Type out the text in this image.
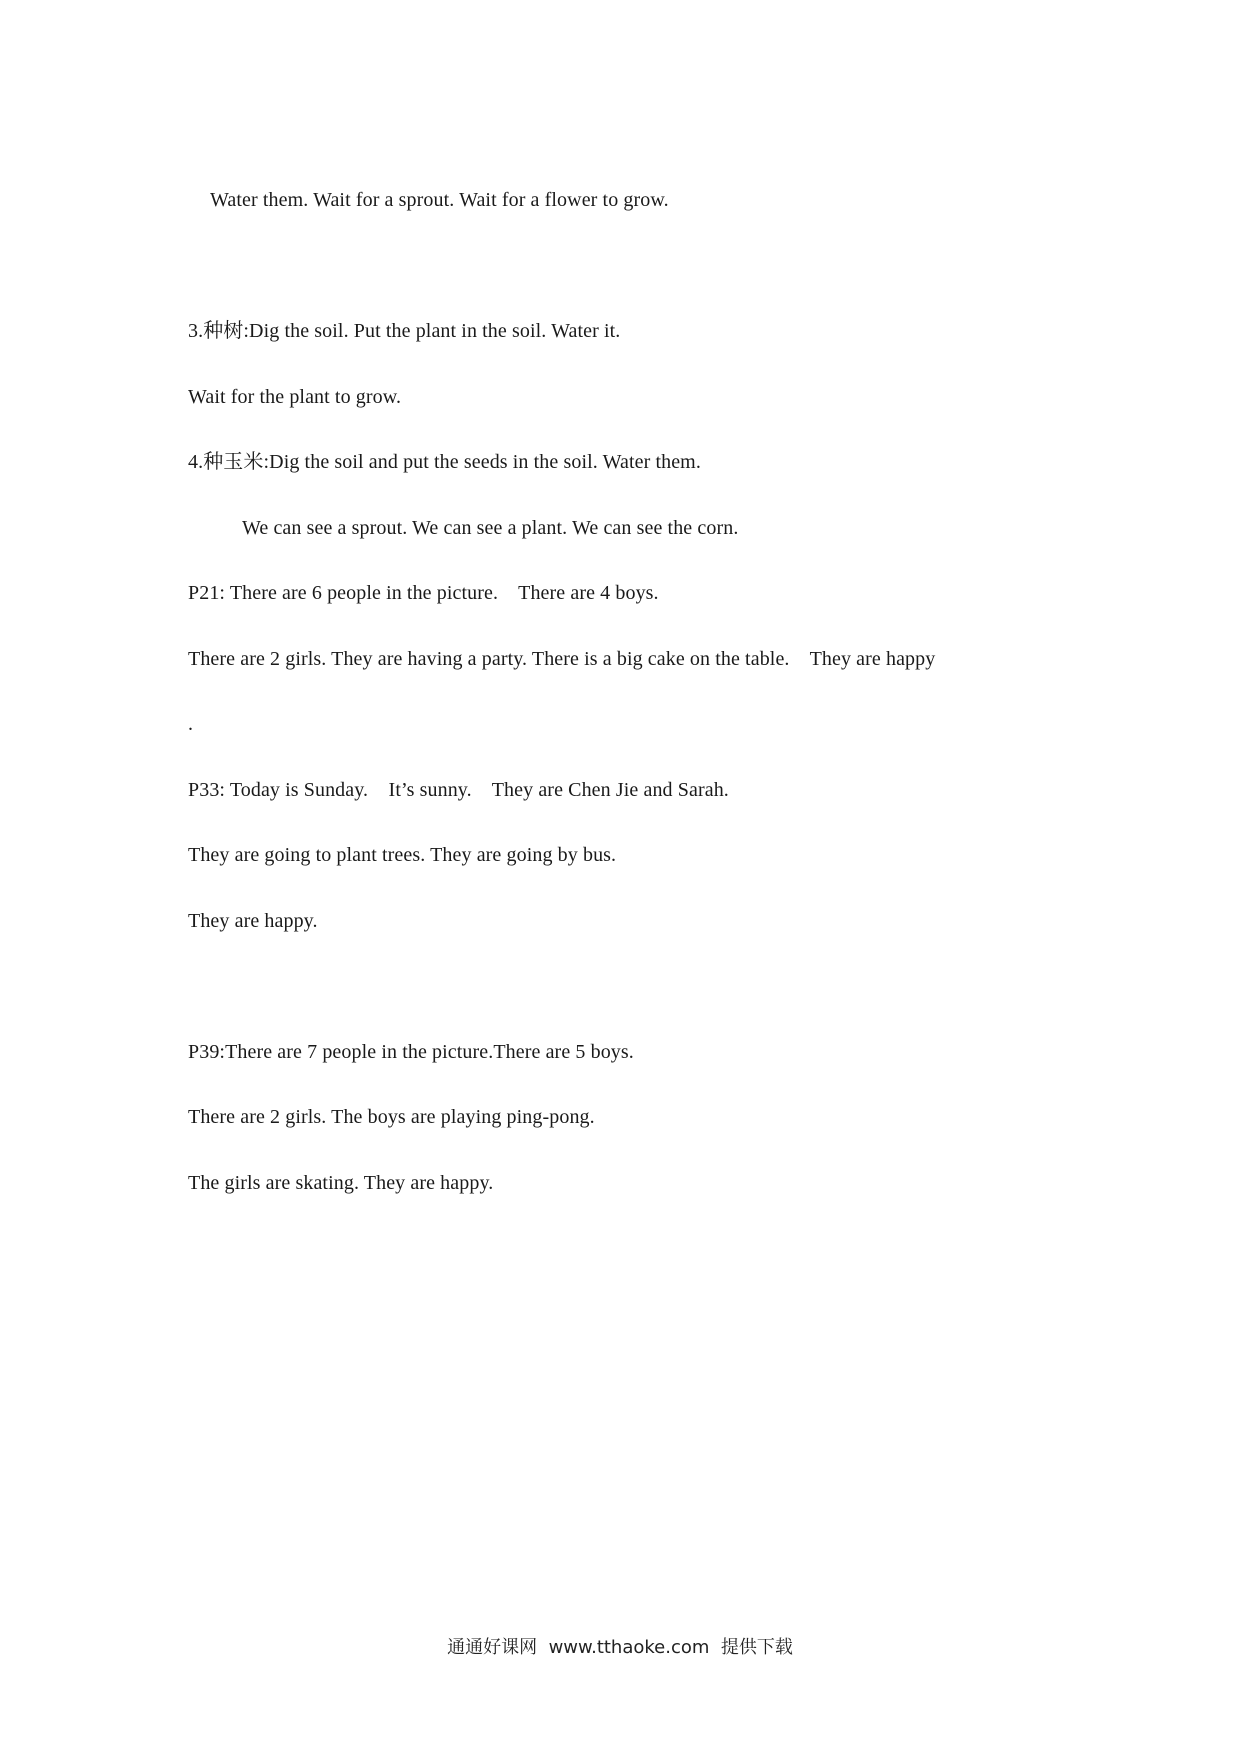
Water them. Wait for a sprout. Wait for a flower to grow.
3.种树:Dig the soil. Put the plant in the soil. Water it.
Wait for the plant to grow.
4.种玉米:Dig the soil and put the seeds in the soil. Water them.
We can see a sprout. We can see a plant. We can see the corn.
P21: There are 6 people in the picture.    There are 4 boys.
There are 2 girls. They are having a party. There is a big cake on the table.    They are happy
.
P33: Today is Sunday.    It’s sunny.    They are Chen Jie and Sarah.
They are going to plant trees. They are going by bus.
They are happy.
P39:There are 7 people in the picture.There are 5 boys.
There are 2 girls. The boys are playing ping-pong.
The girls are skating. They are happy.
通通好课网  www.tthaoke.com  提供下载
